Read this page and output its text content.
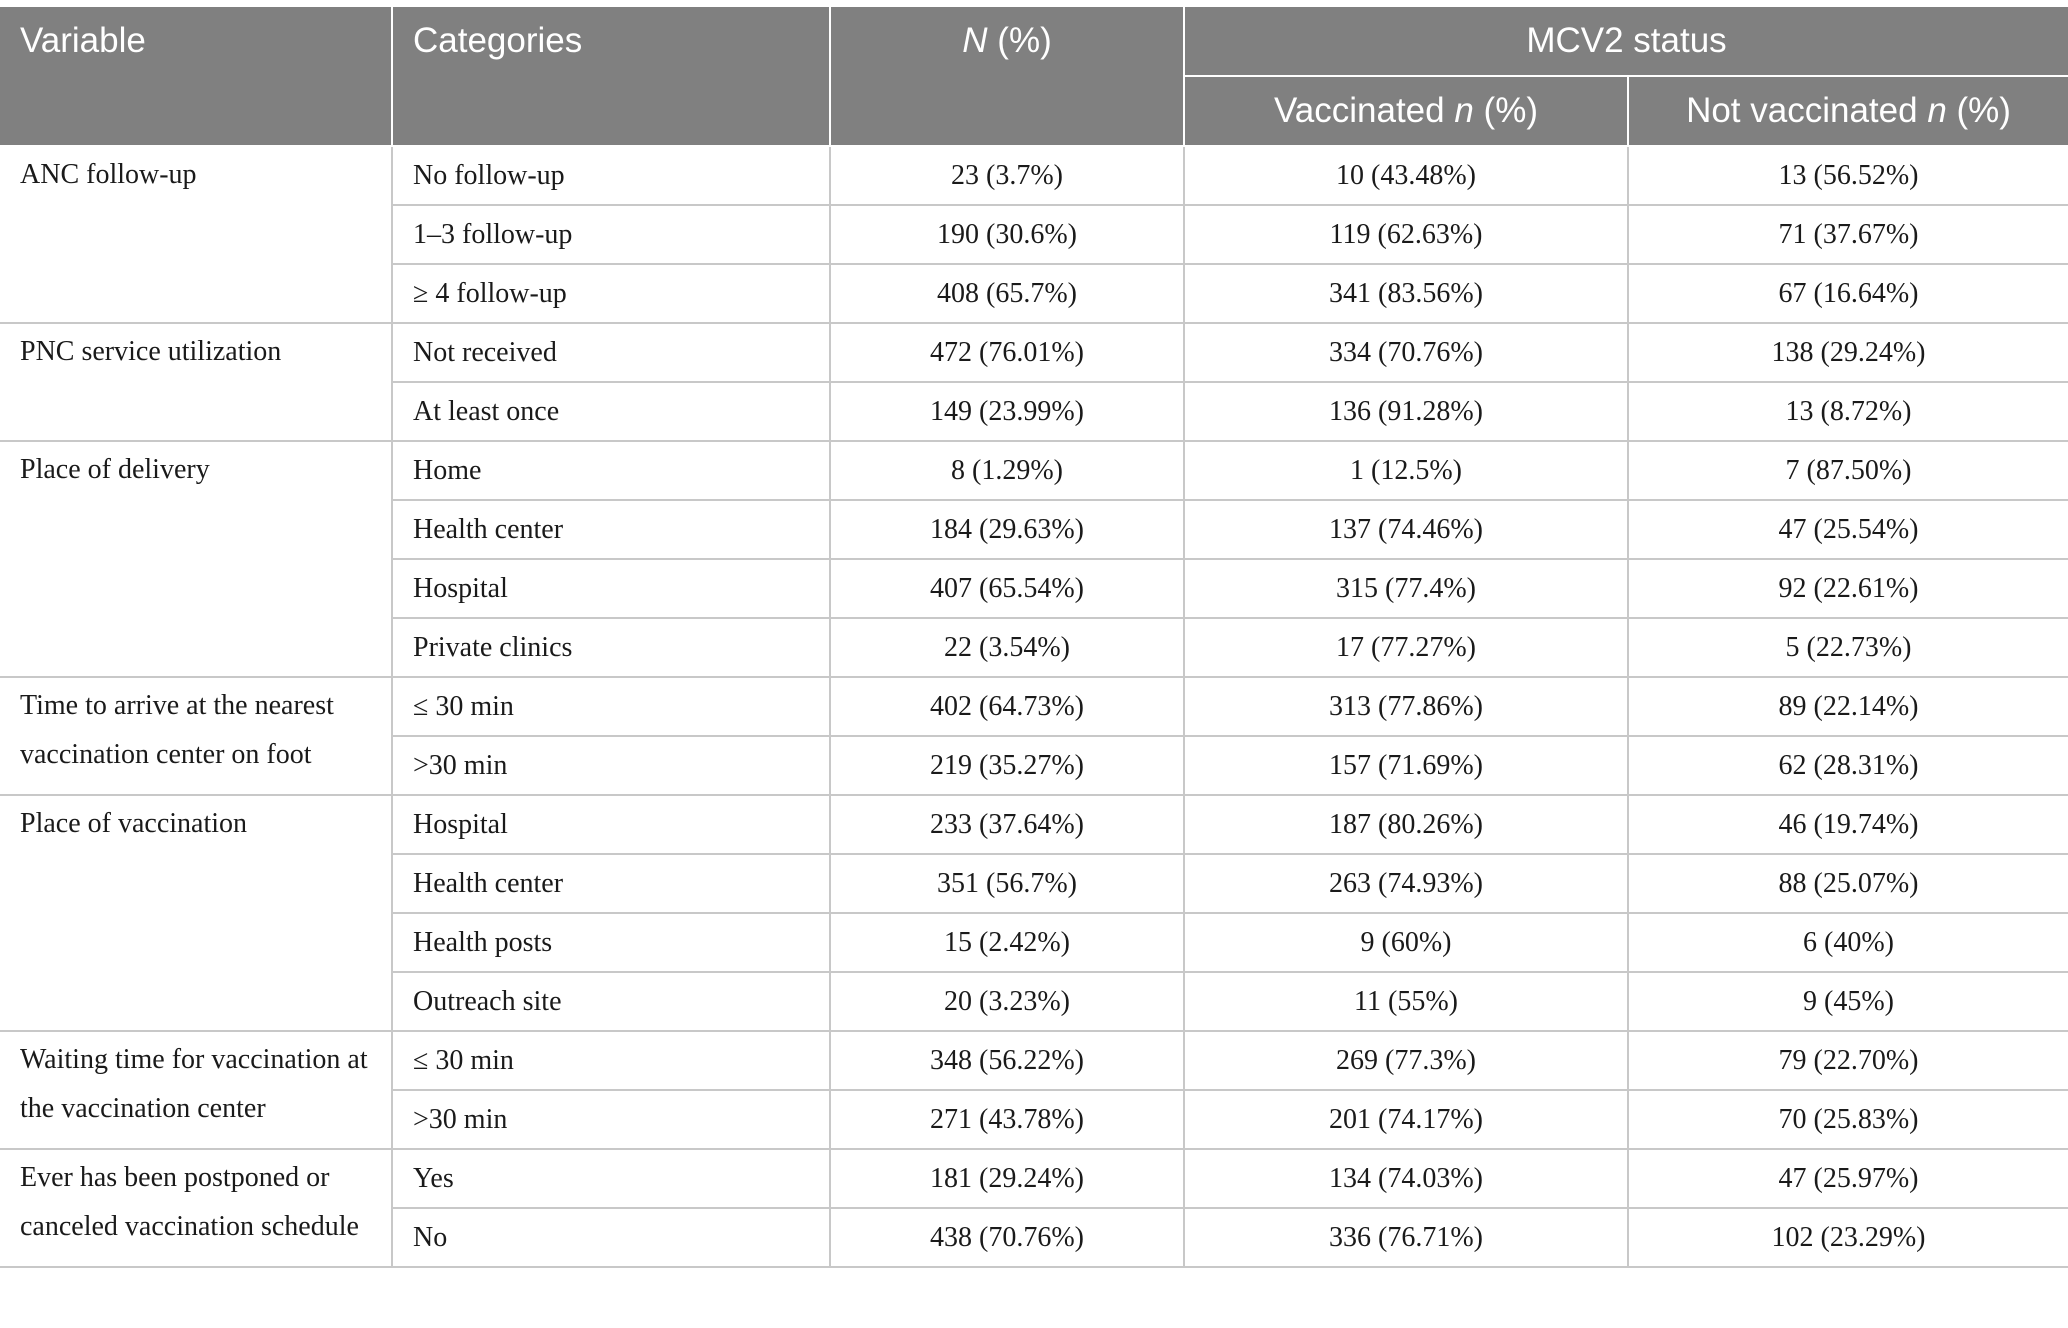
Variable	Categories	N (%)	MCV2 status	
			Vaccinated n (%)	Not vaccinated n (%)
ANC follow-up	No follow-up	23 (3.7%)	10 (43.48%)	13 (56.52%)
	1–3 follow-up	190 (30.6%)	119 (62.63%)	71 (37.67%)
	≥ 4 follow-up	408 (65.7%)	341 (83.56%)	67 (16.64%)
PNC service utilization	Not received	472 (76.01%)	334 (70.76%)	138 (29.24%)
	At least once	149 (23.99%)	136 (91.28%)	13 (8.72%)
Place of delivery	Home	8 (1.29%)	1 (12.5%)	7 (87.50%)
	Health center	184 (29.63%)	137 (74.46%)	47 (25.54%)
	Hospital	407 (65.54%)	315 (77.4%)	92 (22.61%)
	Private clinics	22 (3.54%)	17 (77.27%)	5 (22.73%)
Time to arrive at the nearest vaccination center on foot	≤ 30 min	402 (64.73%)	313 (77.86%)	89 (22.14%)
	>30 min	219 (35.27%)	157 (71.69%)	62 (28.31%)
Place of vaccination	Hospital	233 (37.64%)	187 (80.26%)	46 (19.74%)
	Health center	351 (56.7%)	263 (74.93%)	88 (25.07%)
	Health posts	15 (2.42%)	9 (60%)	6 (40%)
	Outreach site	20 (3.23%)	11 (55%)	9 (45%)
Waiting time for vaccination at the vaccination center	≤ 30 min	348 (56.22%)	269 (77.3%)	79 (22.70%)
	>30 min	271 (43.78%)	201 (74.17%)	70 (25.83%)
Ever has been postponed or canceled vaccination schedule	Yes	181 (29.24%)	134 (74.03%)	47 (25.97%)
	No	438 (70.76%)	336 (76.71%)	102 (23.29%)
